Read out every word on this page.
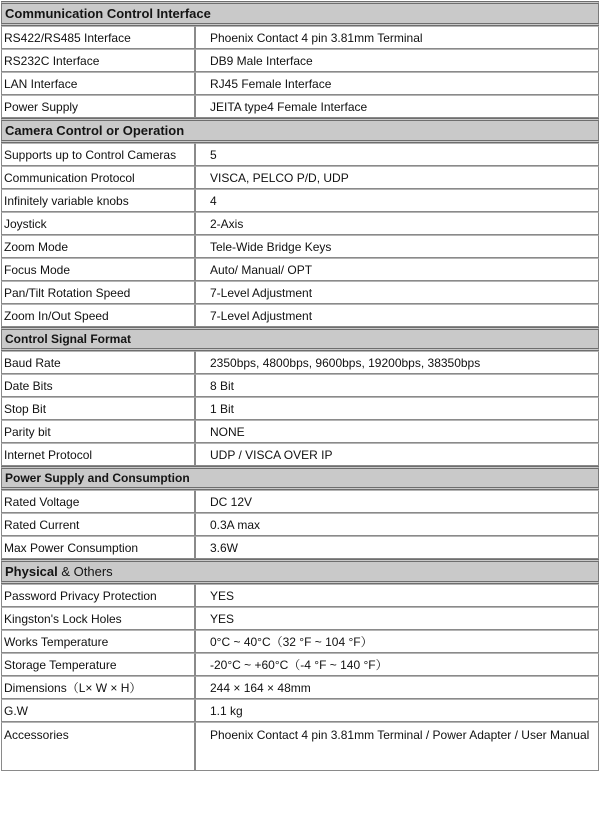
Communication Control Interface	
RS422/RS485 Interface	Phoenix Contact 4 pin 3.81mm Terminal
RS232C Interface	DB9 Male Interface
LAN Interface	RJ45 Female Interface
Power Supply	JEITA type4 Female Interface
Camera Control or Operation	
Supports up to Control Cameras	5
Communication Protocol	VISCA, PELCO P/D, UDP
Infinitely variable knobs	4
Joystick	2-Axis
Zoom Mode	Tele-Wide Bridge Keys
Focus Mode	Auto/ Manual/ OPT
Pan/Tilt Rotation Speed	7-Level Adjustment
Zoom In/Out Speed	7-Level Adjustment
Control Signal Format	
Baud Rate	2350bps, 4800bps, 9600bps, 19200bps, 38350bps
Date Bits	8 Bit
Stop Bit	1 Bit
Parity bit	NONE
Internet Protocol	UDP / VISCA OVER IP
Power Supply and Consumption	
Rated Voltage	DC 12V
Rated Current	0.3A max
Max Power Consumption	3.6W
Physical & Others	
Password Privacy Protection	YES
Kingston's Lock Holes	YES
Works Temperature	0°C ~ 40°C（32 °F ~ 104 °F）
Storage Temperature	-20°C ~ +60°C（-4 °F ~ 140 °F）
Dimensions（L× W × H）	244 × 164 × 48mm
G.W	1.1 kg
Accessories	Phoenix Contact 4 pin 3.81mm Terminal / Power Adapter / User Manual
